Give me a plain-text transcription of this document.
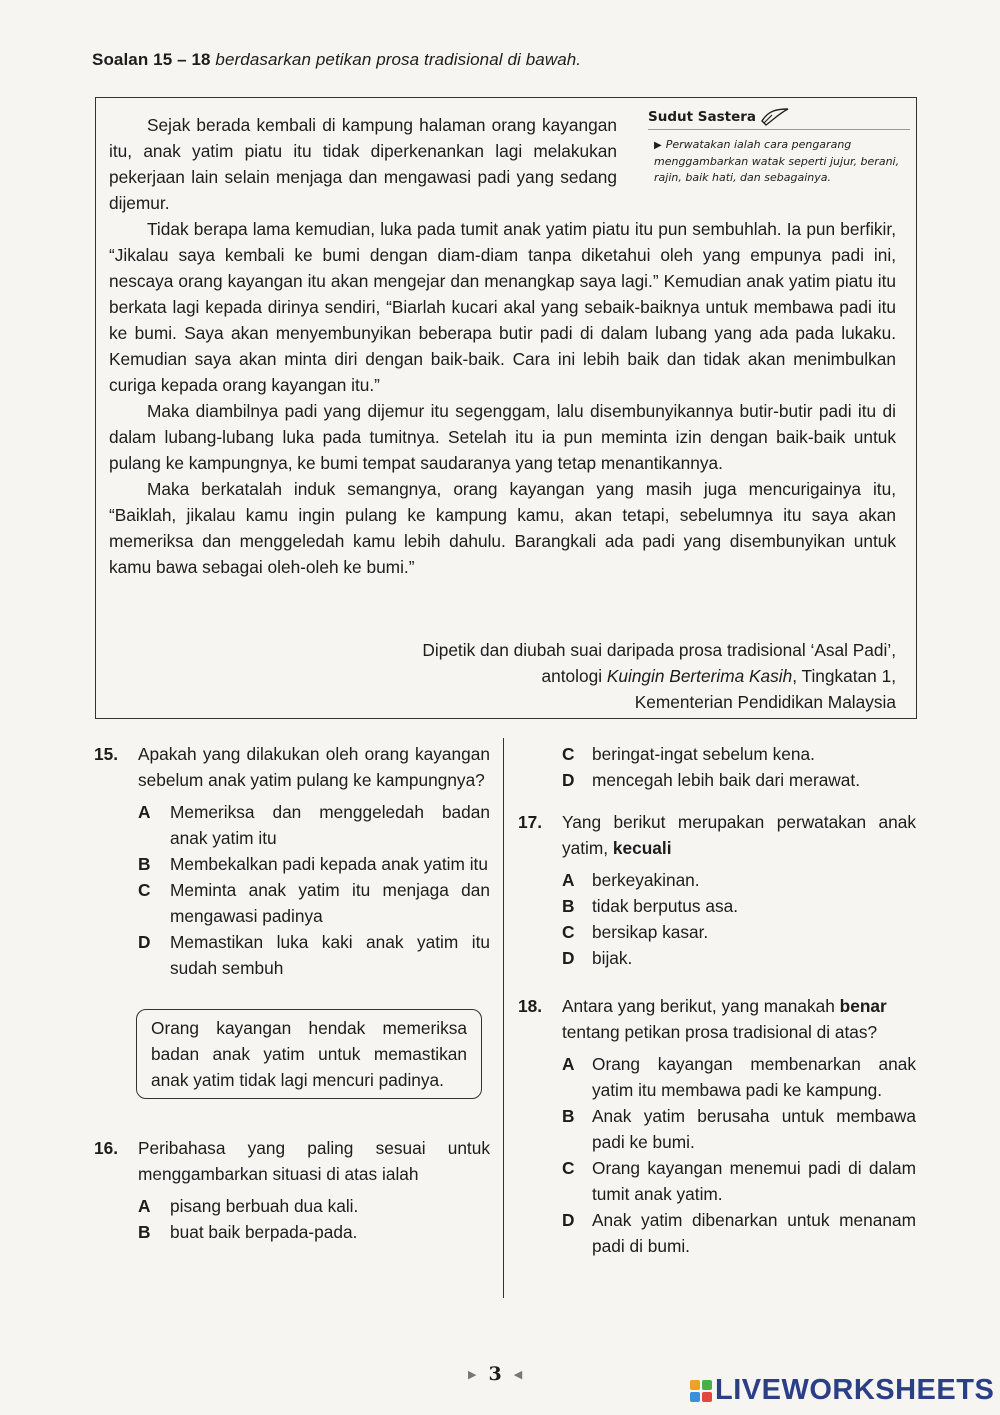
Soalan 15 – 18 berdasarkan petikan prosa tradisional di bawah.
Sudut Sastera
▶ Perwatakan ialah cara pengarang menggambarkan watak seperti jujur, berani, rajin, baik hati, dan sebagainya.

Sejak berada kembali di kampung halaman orang kayangan itu, anak yatim piatu itu tidak diperkenankan lagi melakukan pekerjaan lain selain menjaga dan mengawasi padi yang sedang dijemur.

Tidak berapa lama kemudian, luka pada tumit anak yatim piatu itu pun sembuhlah. Ia pun berfikir, “Jikalau saya kembali ke bumi dengan diam-diam tanpa diketahui oleh yang empunya padi ini, nescaya orang kayangan itu akan mengejar dan menangkap saya lagi.” Kemudian anak yatim piatu itu berkata lagi kepada dirinya sendiri, “Biarlah kucari akal yang sebaik-baiknya untuk membawa padi itu ke bumi. Saya akan menyembunyikan beberapa butir padi di dalam lubang yang ada pada lukaku. Kemudian saya akan minta diri dengan baik-baik. Cara ini lebih baik dan tidak akan menimbulkan curiga kepada orang kayangan itu.”

Maka diambilnya padi yang dijemur itu segenggam, lalu disembunyikannya butir-butir padi itu di dalam lubang-lubang luka pada tumitnya. Setelah itu ia pun meminta izin dengan baik-baik untuk pulang ke kampungnya, ke bumi tempat saudaranya yang tetap menantikannya.

Maka berkatalah induk semangnya, orang kayangan yang masih juga mencurigainya itu, “Baiklah, jikalau kamu ingin pulang ke kampung kamu, akan tetapi, sebelumnya itu saya akan memeriksa dan menggeledah kamu lebih dahulu. Barangkali ada padi yang disembunyikan untuk kamu bawa sebagai oleh-oleh ke bumi.”

Dipetik dan diubah suai daripada prosa tradisional ‘Asal Padi’,
antologi Kuingin Berterima Kasih, Tingkatan 1,
Kementerian Pendidikan Malaysia
15.	Apakah yang dilakukan oleh orang kayangan sebelum anak yatim pulang ke kampungnya?
A	Memeriksa dan menggeledah badan anak yatim itu
B	Membekalkan padi kepada anak yatim itu
C	Meminta anak yatim itu menjaga dan mengawasi padinya
D	Memastikan luka kaki anak yatim itu sudah sembuh
Orang kayangan hendak memeriksa badan anak yatim untuk memastikan anak yatim tidak lagi mencuri padinya.
16.	Peribahasa yang paling sesuai untuk menggambarkan situasi di atas ialah
A	pisang berbuah dua kali.
B	buat baik berpada-pada.
C	beringat-ingat sebelum kena.
D	mencegah lebih baik dari merawat.
17.	Yang berikut merupakan perwatakan anak yatim, kecuali
A	berkeyakinan.
B	tidak berputus asa.
C	bersikap kasar.
D	bijak.
18.	Antara yang berikut, yang manakah benar tentang petikan prosa tradisional di atas?
A	Orang kayangan membenarkan anak yatim itu membawa padi ke kampung.
B	Anak yatim berusaha untuk membawa padi ke bumi.
C	Orang kayangan menemui padi di dalam tumit anak yatim.
D	Anak yatim dibenarkan untuk menanam padi di bumi.
▶ 3 ◀	LIVEWORKSHEETS
